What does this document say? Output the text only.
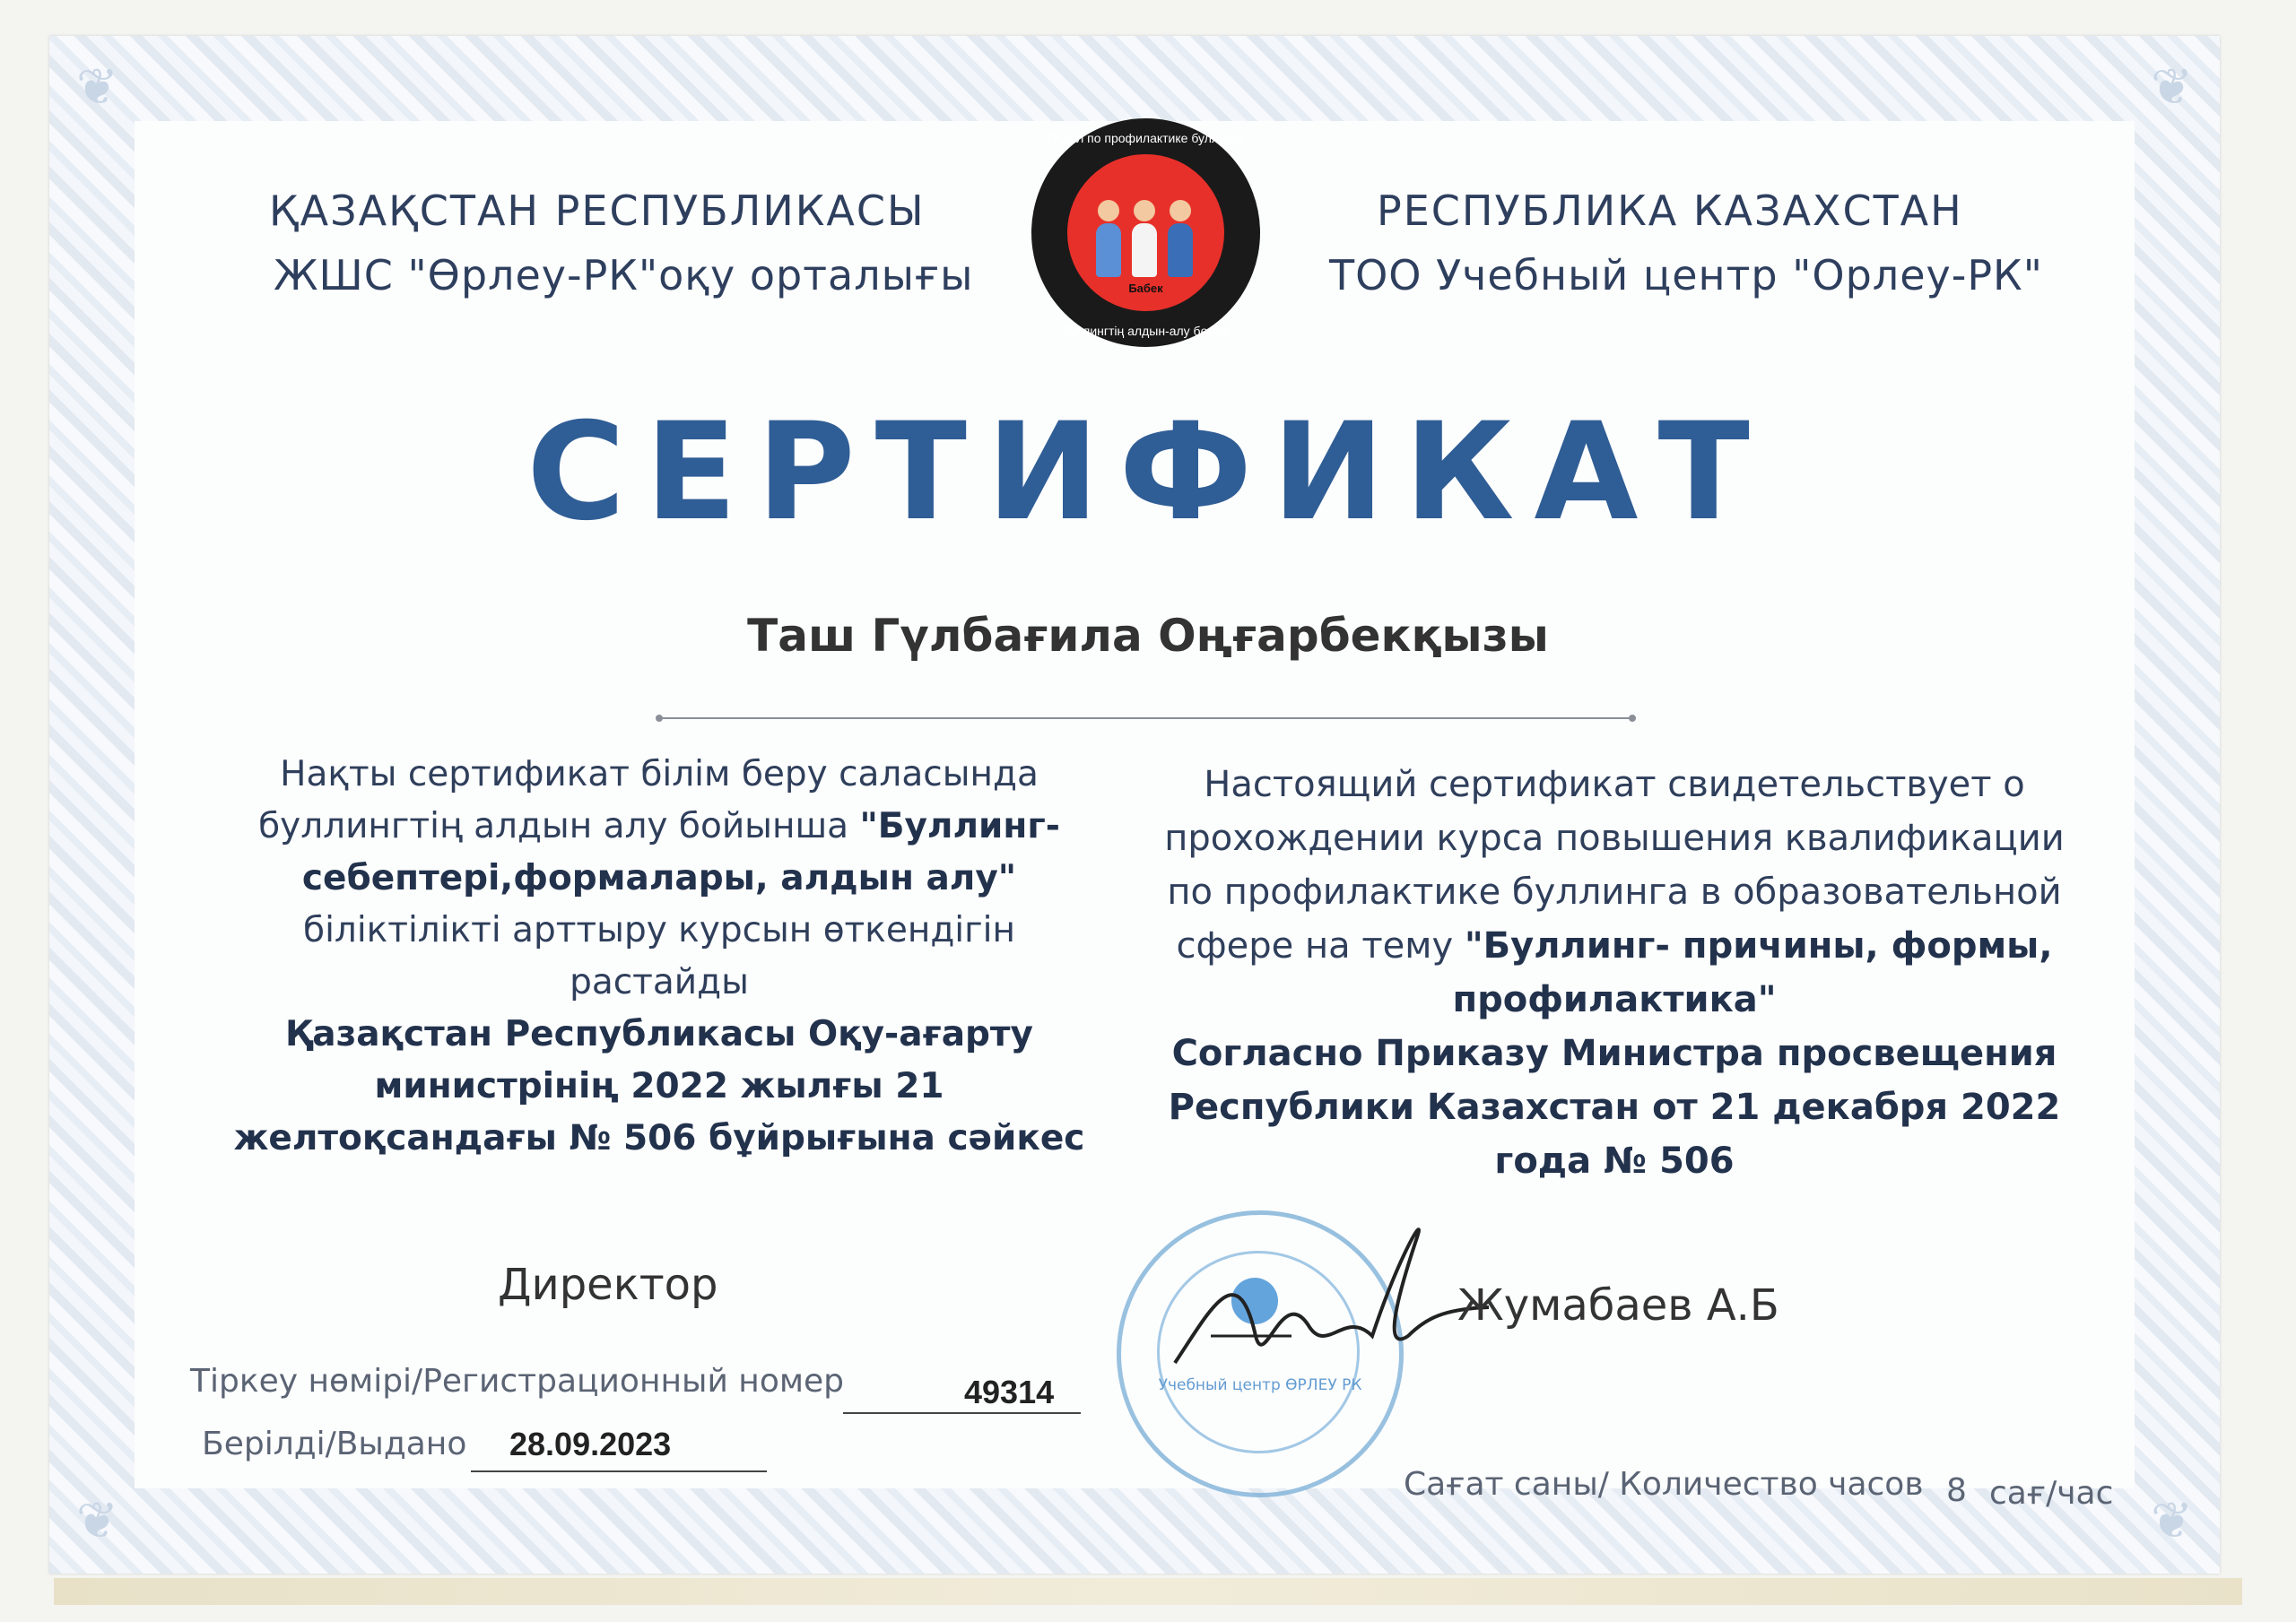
❦	❦
❦	❦
ҚАЗАҚСТАН РЕСПУБЛИКАСЫ
ЖШС "Өрлеу-РК"оқу орталығы
РЕСПУБЛИКА КАЗАХСТАН
ТОО Учебный центр "Орлеу-РК"
Отдел по профилактике буллинга
Бабек
буллингтің алдын-алу бөлімі
СЕРТИФИКАТ
Таш Гүлбағила Оңғарбекқызы
Нақты сертификат білім беру саласында
буллингтің алдын алу бойынша "Буллинг-
себептері,формалары, алдын алу"
біліктілікті арттыру курсын өткендігін
растайды
Қазақстан Республикасы Оқу-ағарту
министрінің 2022 жылғы 21
желтоқсандағы № 506 бұйрығына сәйкес
Настоящий сертификат свидетельствует о
прохождении курса повышения квалификации
по профилактике буллинга в образовательной
сфере на тему "Буллинг- причины, формы,
профилактика"
Согласно Приказу Министра просвещения
Республики Казахстан от 21 декабря 2022
года № 506
Директор
Учебный центр ӨРЛЕУ РК
Жумабаев А.Б
Тіркеу нөмірі/Регистрационный номер	49314
Берілді/Выдано 28.09.2023
Сағат саны/ Количество часов 8 сағ/час
